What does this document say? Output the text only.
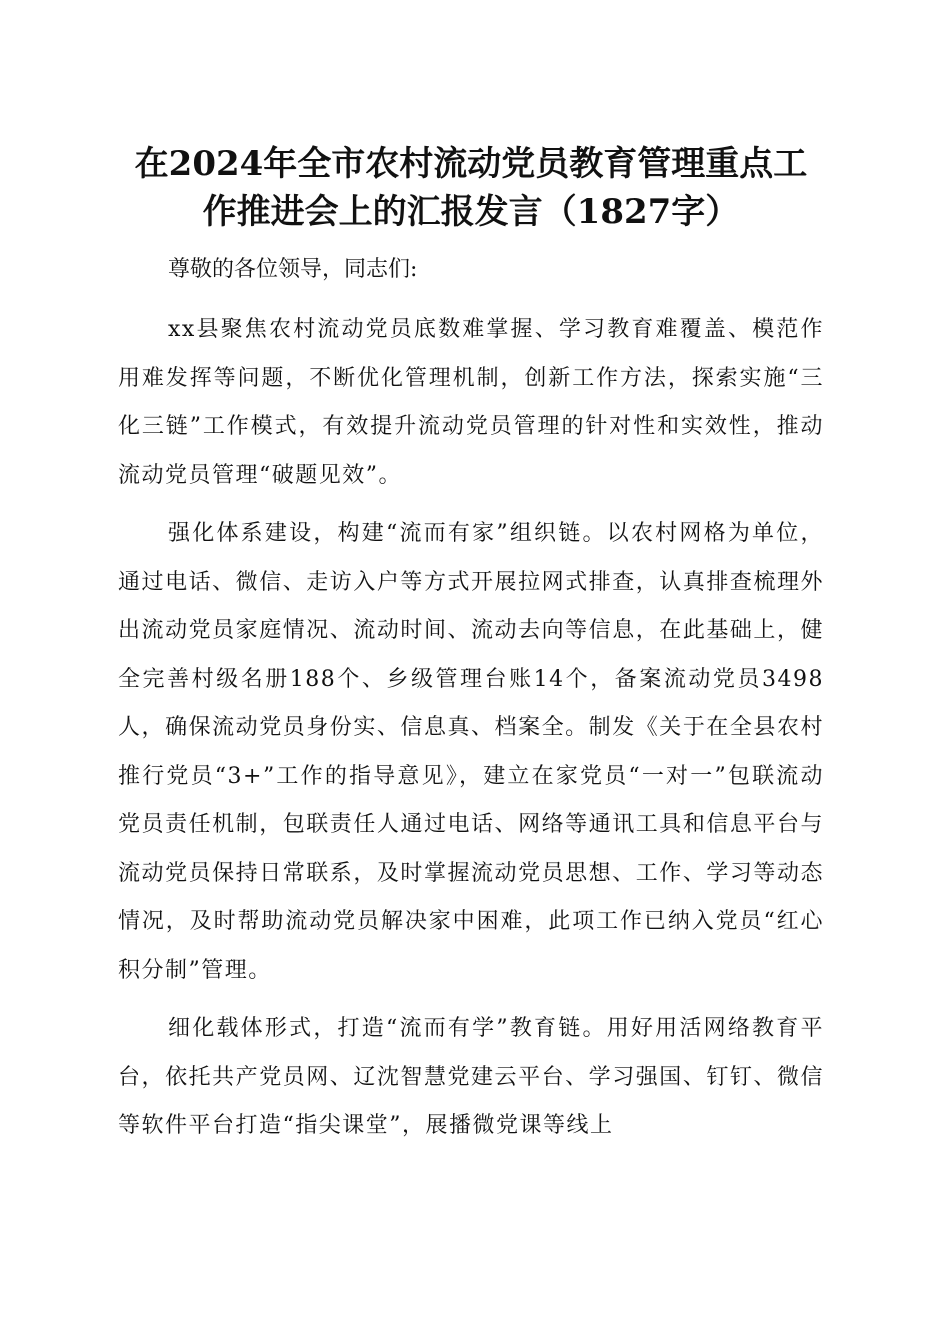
在2024年全市农村流动党员教育管理重点工
作推进会上的汇报发言（1827字）

尊敬的各位领导，同志们:

xx县聚焦农村流动党员底数难掌握、学习教育难覆盖、模范作用难发挥等问题，不断优化管理机制，创新工作方法，探索实施“三化三链”工作模式，有效提升流动党员管理的针对性和实效性，推动流动党员管理“破题见效”。

强化体系建设，构建“流而有家”组织链。以农村网格为单位，通过电话、微信、走访入户等方式开展拉网式排查，认真排查梳理外出流动党员家庭情况、流动时间、流动去向等信息，在此基础上，健全完善村级名册188个、乡级管理台账14个，备案流动党员3498人，确保流动党员身份实、信息真、档案全。制发《关于在全县农村推行党员“3+”工作的指导意见》，建立在家党员“一对一”包联流动党员责任机制，包联责任人通过电话、网络等通讯工具和信息平台与流动党员保持日常联系，及时掌握流动党员思想、工作、学习等动态情况，及时帮助流动党员解决家中困难，此项工作已纳入党员“红心积分制”管理。

细化载体形式，打造“流而有学”教育链。用好用活网络教育平台，依托共产党员网、辽沈智慧党建云平台、学习强国、钉钉、微信等软件平台打造“指尖课堂”，展播微党课等线上
